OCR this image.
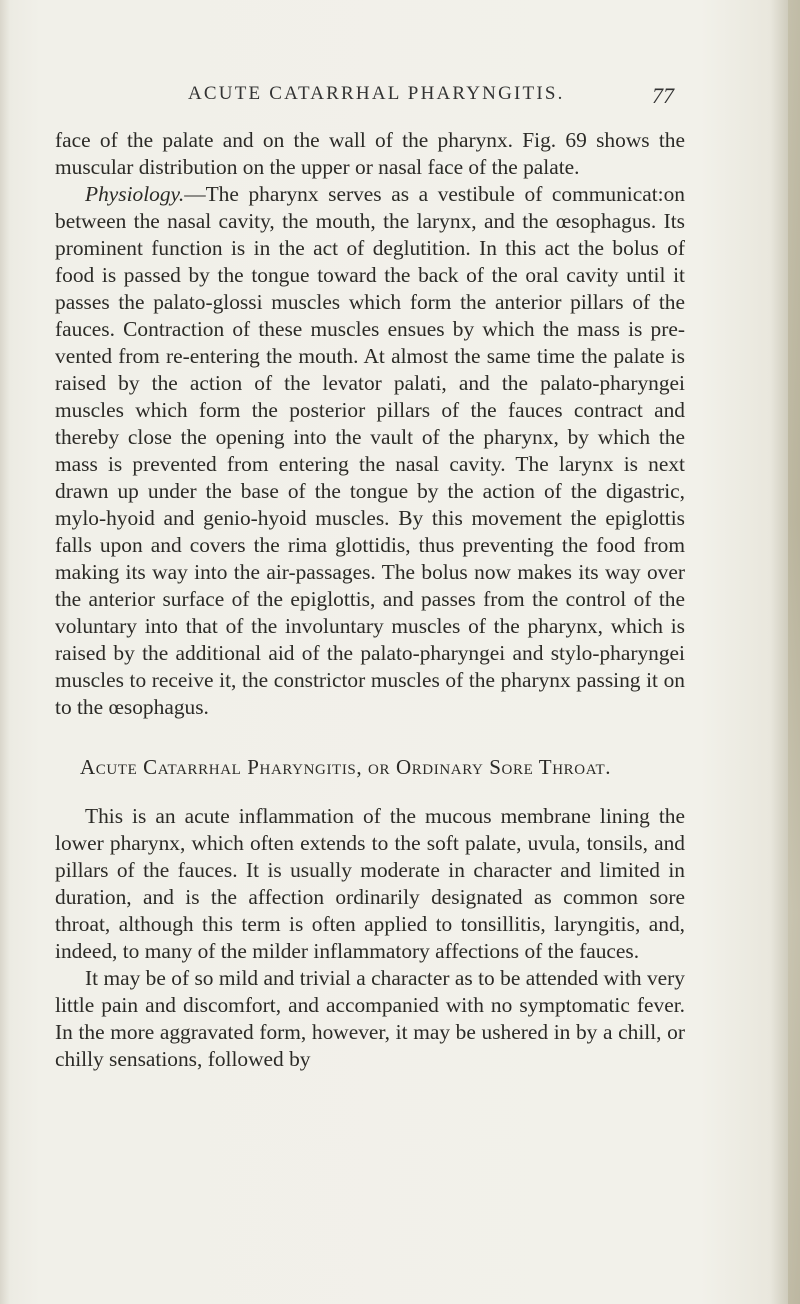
ACUTE CATARRHAL PHARYNGITIS.	77

face of the palate and on the wall of the pharynx. Fig. 69 shows the muscular distribution on the upper or nasal face of the palate.

Physiology.—The pharynx serves as a vestibule of communicat:on between the nasal cavity, the mouth, the larynx, and the œsophagus. Its prominent function is in the act of deglutition. In this act the bolus of food is passed by the tongue toward the back of the oral cavity until it passes the palato-glossi muscles which form the anterior pillars of the fauces. Contraction of these muscles ensues by which the mass is prevented from re-entering the mouth. At almost the same time the palate is raised by the action of the levator palati, and the palato-pharyngei muscles which form the posterior pillars of the fauces contract and thereby close the opening into the vault of the pharynx, by which the mass is prevented from entering the nasal cavity. The larynx is next drawn up under the base of the tongue by the action of the digastric, mylo-hyoid and genio-hyoid muscles. By this movement the epiglottis falls upon and covers the rima glottidis, thus preventing the food from making its way into the air-passages. The bolus now makes its way over the anterior surface of the epiglottis, and passes from the control of the voluntary into that of the involuntary muscles of the pharynx, which is raised by the additional aid of the palato-pharyngei and stylo-pharyngei muscles to receive it, the constrictor muscles of the pharynx passing it on to the œsophagus.

Acute Catarrhal Pharyngitis, or Ordinary Sore Throat.

This is an acute inflammation of the mucous membrane lining the lower pharynx, which often extends to the soft palate, uvula, tonsils, and pillars of the fauces. It is usually moderate in character and limited in duration, and is the affection ordinarily designated as common sore throat, although this term is often applied to tonsillitis, laryngitis, and, indeed, to many of the milder inflammatory affections of the fauces.

It may be of so mild and trivial a character as to be attended with very little pain and discomfort, and accompanied with no symptomatic fever. In the more aggravated form, however, it may be ushered in by a chill, or chilly sensations, followed by
